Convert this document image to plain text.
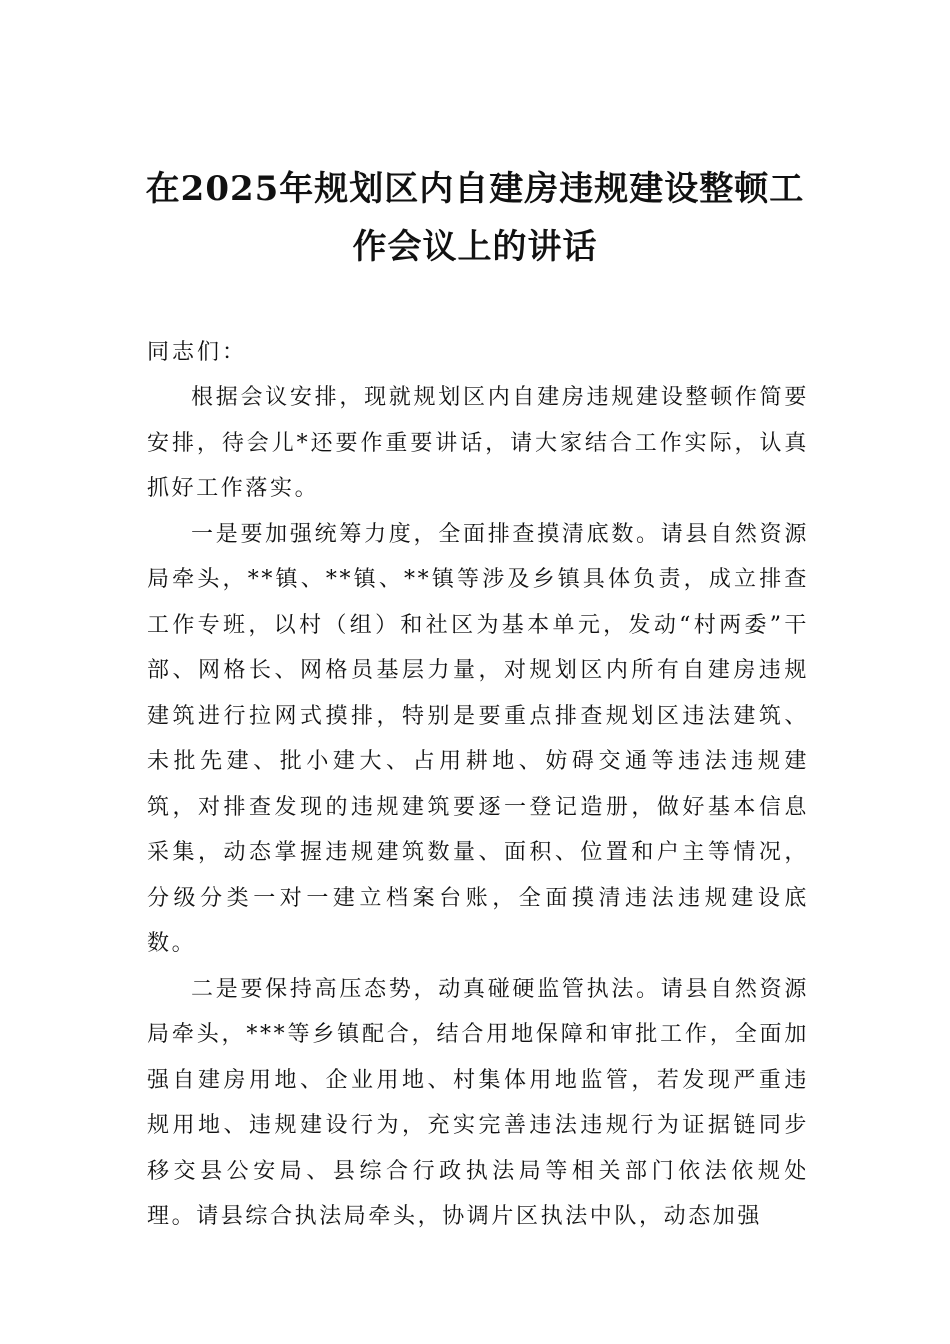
在2025年规划区内自建房违规建设整顿工
作会议上的讲话

同志们：

根据会议安排，现就规划区内自建房违规建设整顿作简要安排，待会儿*还要作重要讲话，请大家结合工作实际，认真抓好工作落实。

一是要加强统筹力度，全面排查摸清底数。请县自然资源局牵头，**镇、**镇、**镇等涉及乡镇具体负责，成立排查工作专班，以村（组）和社区为基本单元，发动“村两委”干部、网格长、网格员基层力量，对规划区内所有自建房违规建筑进行拉网式摸排，特别是要重点排查规划区违法建筑、未批先建、批小建大、占用耕地、妨碍交通等违法违规建筑，对排查发现的违规建筑要逐一登记造册，做好基本信息采集，动态掌握违规建筑数量、面积、位置和户主等情况，分级分类一对一建立档案台账，全面摸清违法违规建设底数。

二是要保持高压态势，动真碰硬监管执法。请县自然资源局牵头，***等乡镇配合，结合用地保障和审批工作，全面加强自建房用地、企业用地、村集体用地监管，若发现严重违规用地、违规建设行为，充实完善违法违规行为证据链同步移交县公安局、县综合行政执法局等相关部门依法依规处理。请县综合执法局牵头，协调片区执法中队，动态加强
